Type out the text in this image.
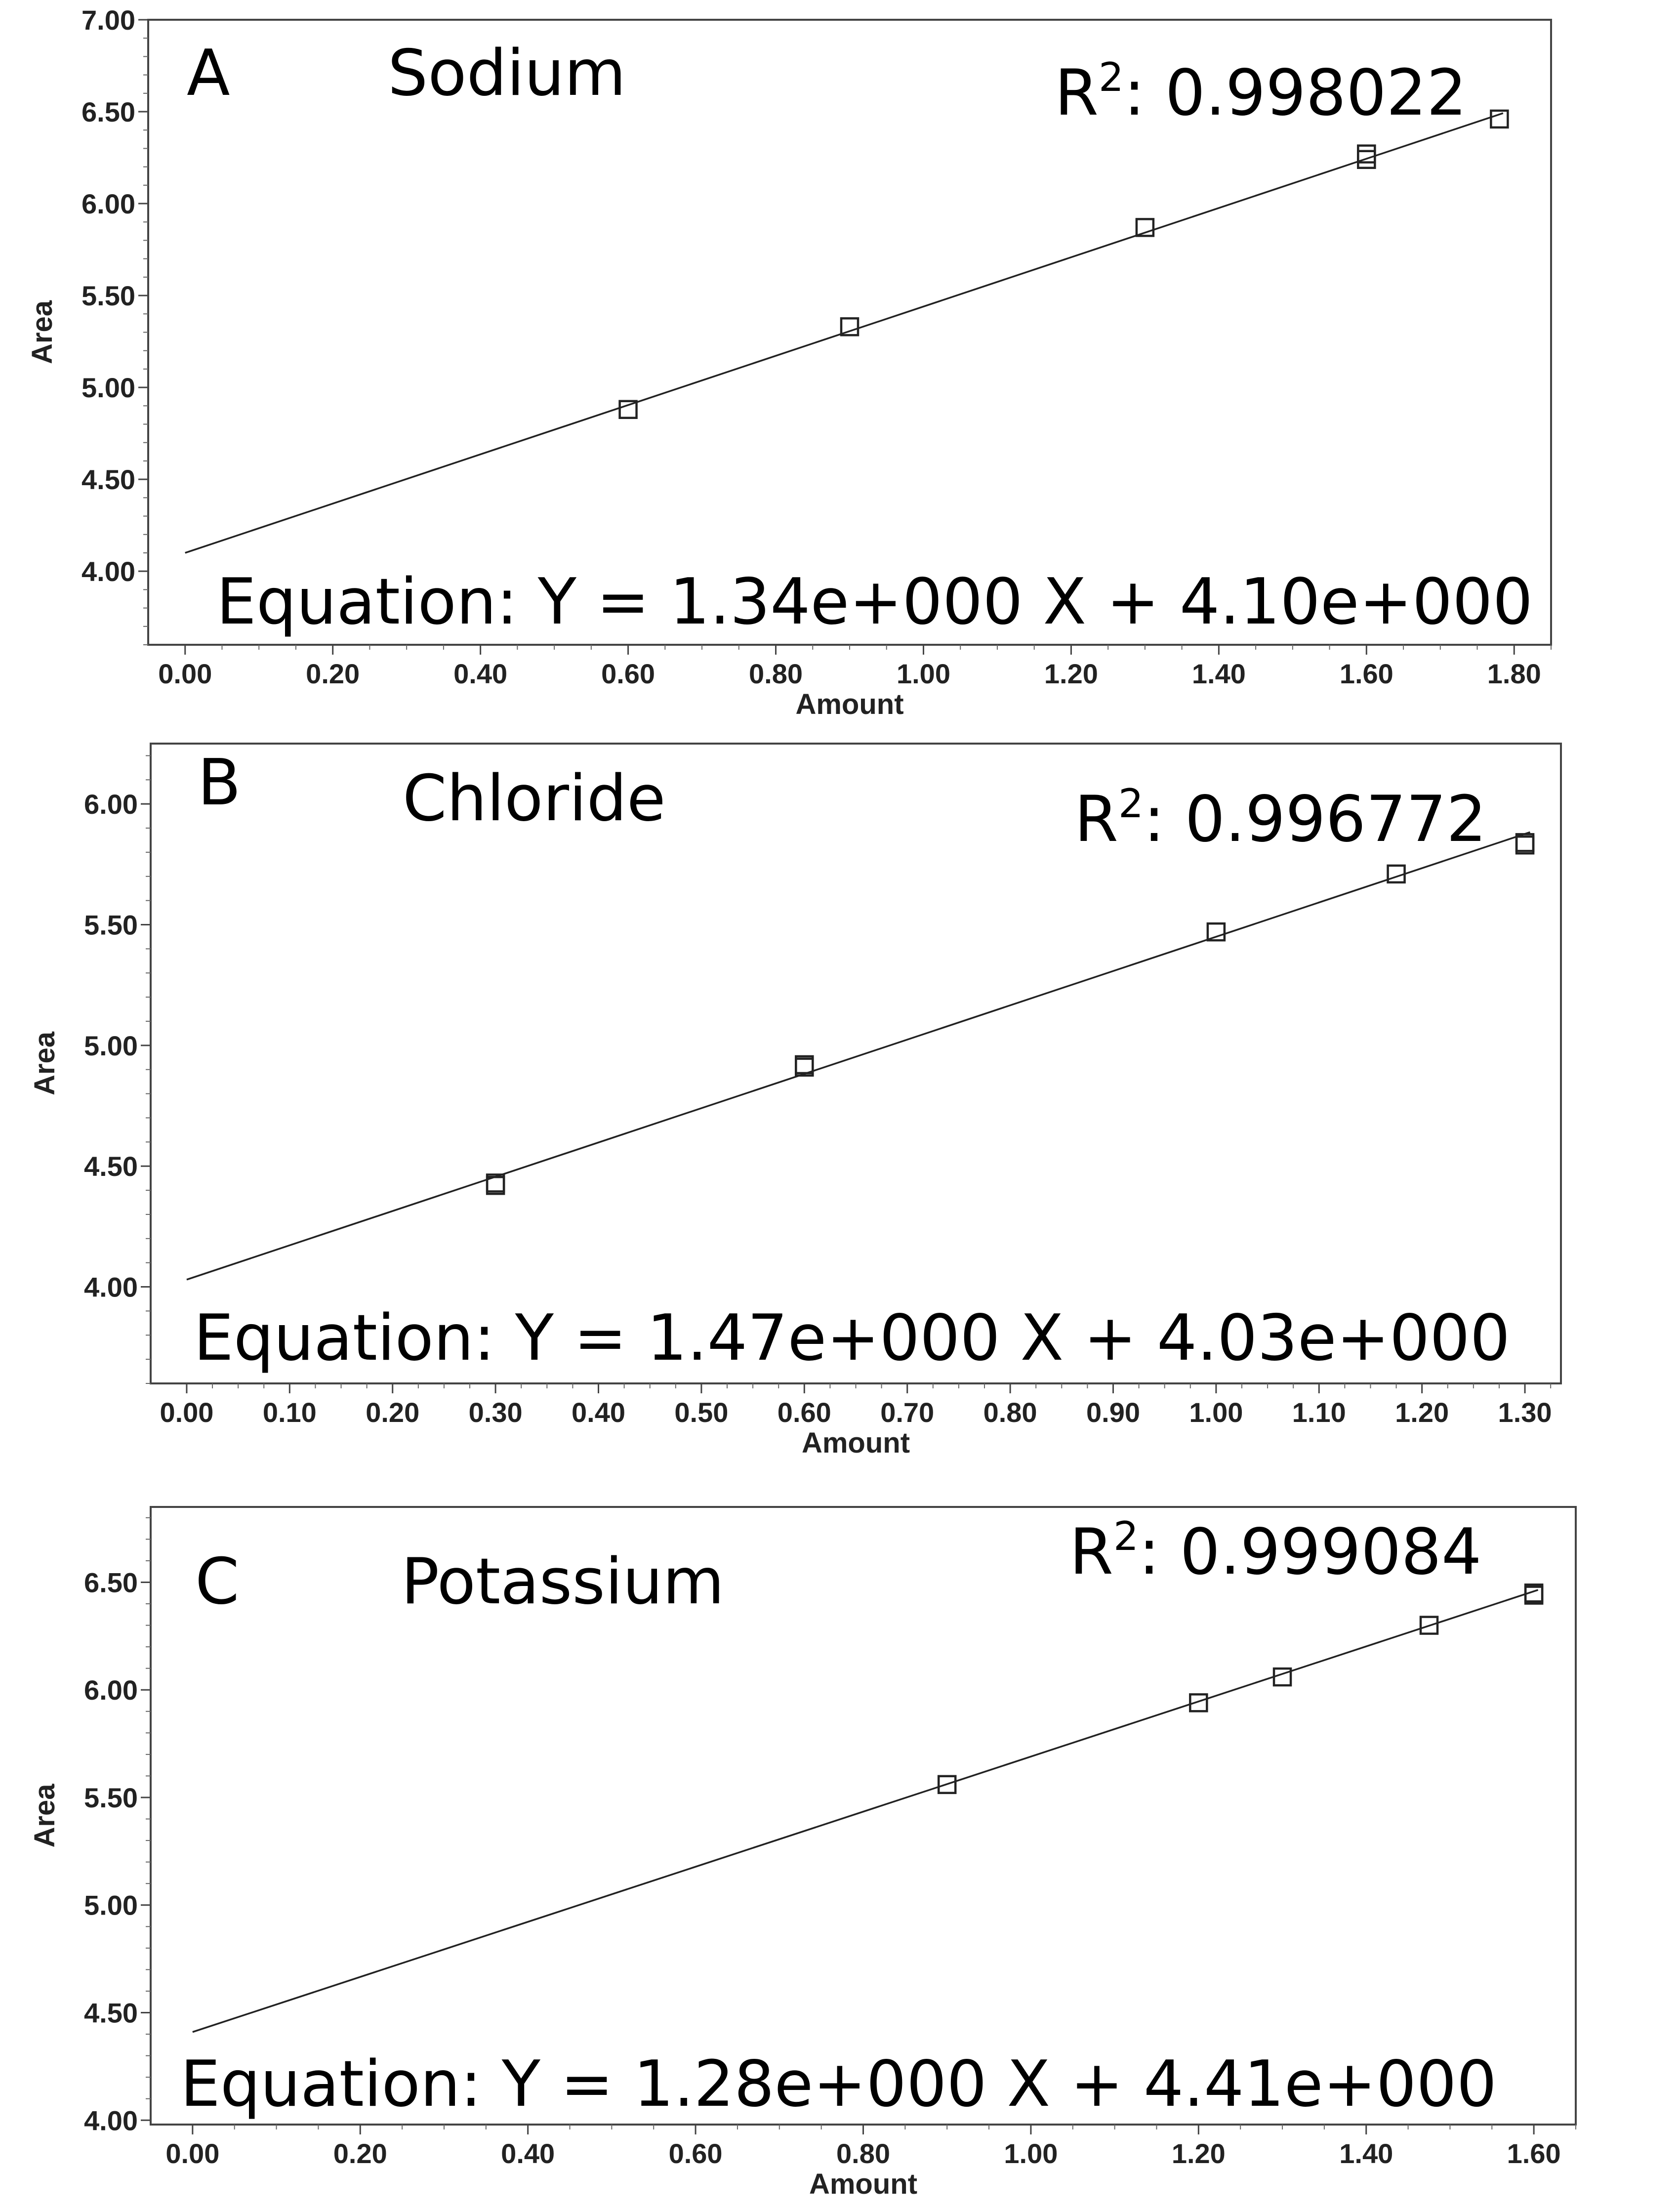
4.00
4.50
5.00
5.50
6.00
6.50
7.00
0.00	0.20	0.40	0.60	0.80	1.00	1.20	1.40	1.60	1.80
Amount
Area
A Sodium	$R^2$: 0.998022
Equation: Y = 1.34e+000 X + 4.10e+000
4.00
4.50
5.00
5.50
6.00
0.00 0.10 0.20 0.30 0.40 0.50 0.60 0.70 0.80 0.90 1.00 1.10 1.20 1.30
Amount
Area
B	Chloride	$R^2$: 0.996772
Equation: Y = 1.47e+000 X + 4.03e+000
4.00
4.50
5.00
5.50
6.00
6.50
0.00	0.20	0.40	0.60	0.80	1.00	1.20	1.40	1.60
Amount
Area
C	Potassium	$R^2$: 0.999084
Equation: Y = 1.28e+000 X + 4.41e+000
